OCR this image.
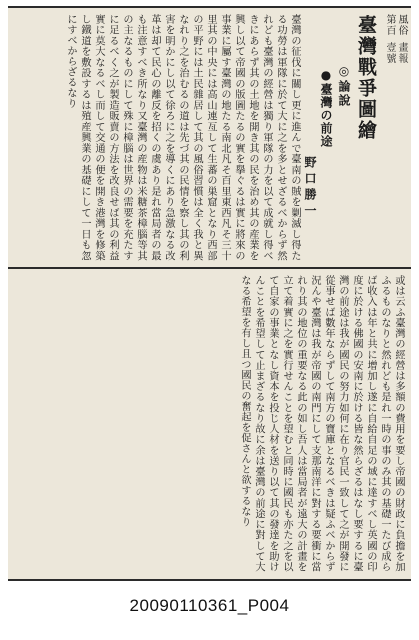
風俗
第百
畫報
壹號
臺灣戰爭圖繪
◎論說
●臺灣の前途
野口勝一
臺灣の征伐に關し更に進んで臺南の賊を剿滅し得たる功勞は軍隊に於て大に之を多とせざるべからず然れども臺灣の經營は獨り軍隊の力を以て成就し得べきにあらず其の土地を開き其の民を治め其の産業を興し以て帝國の版圖たるの實を擧ぐるは實に將來の事業に屬す臺灣の地たる南北凡そ百里東西凡そ三十里其の中央には高山連亙して生蕃の巣窟となり西部の平野には土民雜居して其の風俗習慣は全く我と異なれり之を治むるの道は先づ其の民情を察し其の利害を明かにし以て徐ろに之を導くにあり急激なる改革は却て民心の離反を招くの虞あり是れ當局者の最も注意すべき所なり又臺灣の産物は米糖茶樟腦等其の主なるものにして殊に樟腦は世界の需要を充たすに足るべく之が製造販賣の方法を改良せば其の利益實に莫大なるべし而して交通の便を開き港灣を修築し鐵道を敷設するは殖産興業の基礎にして一日も忽にすべからざるなり
或は云ふ臺灣の經營は多額の費用を要し帝國の財政に負擔を加ふるものなりと然れども是れ一時の事のみ其の基礎一たび成らば收入は年と共に增加し遂に自給自足の域に達すべし英國の印度に於ける佛國の安南に於ける皆な然らざるはなし要するに臺灣の前途は我が國民の努力如何に在り官民一致して之が開發に從事せば數年ならずして南方の寶庫となるべきは疑ふべからず況んや臺灣は我が帝國の南門にして支那南洋に對する要衝に當れり其の地位の重要なる此の如し吾人は當局者が遠大の計畫を立て着實に之を實行せんことを望むと同時に國民も亦た之を以て自家の事業となし資本を投じ人材を送り以て其の發達を助けんことを希望して止まざるなり故に余は臺灣の前途に對して大なる希望を有し且つ國民の奮起を促さんと欲するなり
20090110361_P004
